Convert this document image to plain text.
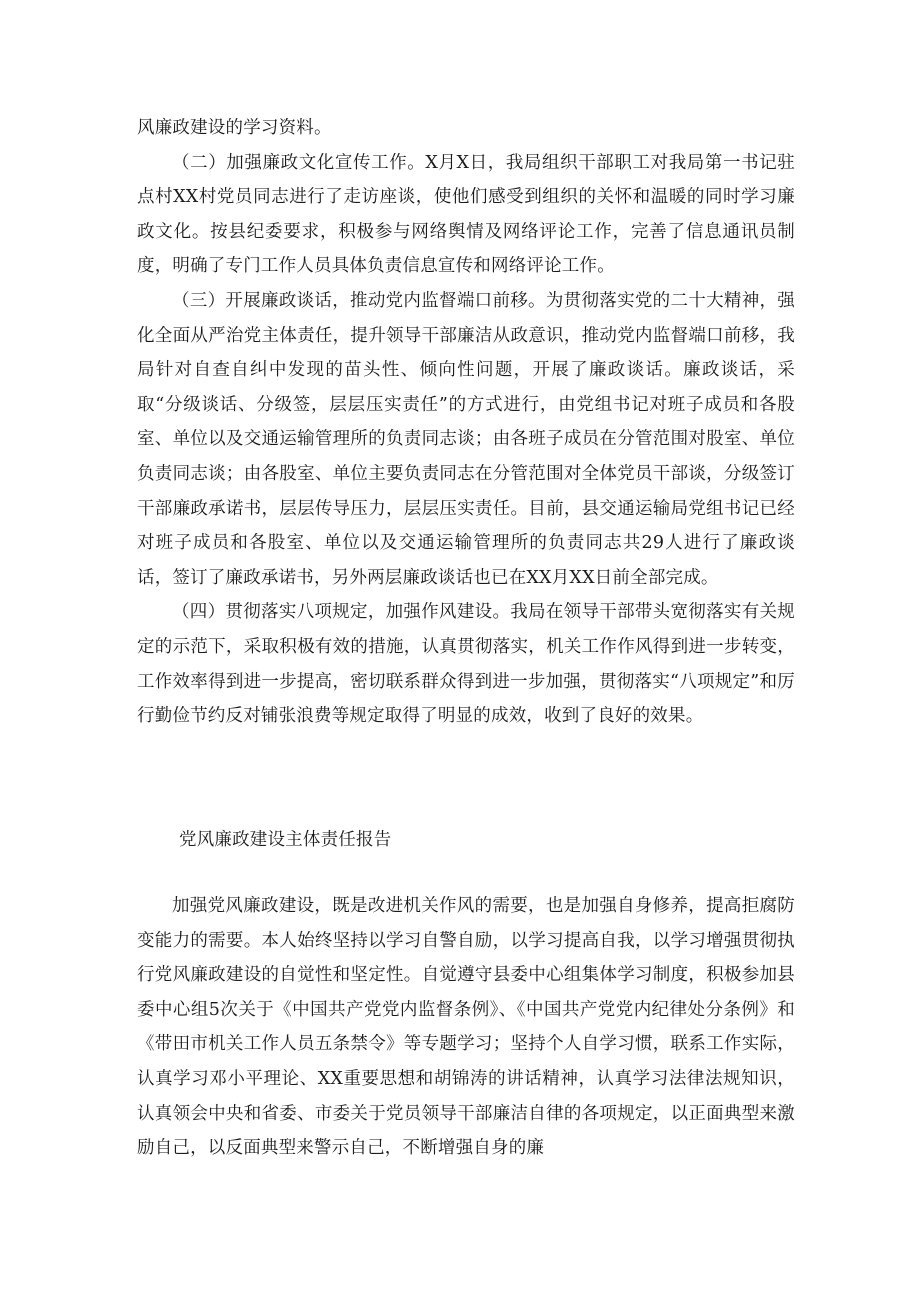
风廉政建设的学习资料。

（二）加强廉政文化宣传工作。X月X日，我局组织干部职工对我局第一书记驻点村XX村党员同志进行了走访座谈，使他们感受到组织的关怀和温暖的同时学习廉政文化。按县纪委要求，积极参与网络舆情及网络评论工作，完善了信息通讯员制度，明确了专门工作人员具体负责信息宣传和网络评论工作。

（三）开展廉政谈话，推动党内监督端口前移。为贯彻落实党的二十大精神，强化全面从严治党主体责任，提升领导干部廉洁从政意识，推动党内监督端口前移，我局针对自查自纠中发现的苗头性、倾向性问题，开展了廉政谈话。廉政谈话，采取“分级谈话、分级签，层层压实责任”的方式进行，由党组书记对班子成员和各股室、单位以及交通运输管理所的负责同志谈；由各班子成员在分管范围对股室、单位负责同志谈；由各股室、单位主要负责同志在分管范围对全体党员干部谈，分级签订干部廉政承诺书，层层传导压力，层层压实责任。目前，县交通运输局党组书记已经对班子成员和各股室、单位以及交通运输管理所的负责同志共29人进行了廉政谈话，签订了廉政承诺书，另外两层廉政谈话也已在XX月XX日前全部完成。

（四）贯彻落实八项规定，加强作风建设。我局在领导干部带头宽彻落实有关规定的示范下，采取积极有效的措施，认真贯彻落实，机关工作作风得到进一步转变，工作效率得到进一步提高，密切联系群众得到进一步加强，贯彻落实“八项规定”和厉行勤俭节约反对铺张浪费等规定取得了明显的成效，收到了良好的效果。

党风廉政建设主体责任报告

加强党风廉政建设，既是改进机关作风的需要，也是加强自身修养，提高拒腐防变能力的需要。本人始终坚持以学习自警自励，以学习提高自我，以学习增强贯彻执行党风廉政建设的自觉性和坚定性。自觉遵守县委中心组集体学习制度，积极参加县委中心组5次关于《中国共产党党内监督条例》、《中国共产党党内纪律处分条例》和《带田市机关工作人员五条禁令》等专题学习；坚持个人自学习惯，联系工作实际，认真学习邓小平理论、XX重要思想和胡锦涛的讲话精神，认真学习法律法规知识，认真领会中央和省委、市委关于党员领导干部廉洁自律的各项规定，以正面典型来激励自己，以反面典型来警示自己，不断增强自身的廉
